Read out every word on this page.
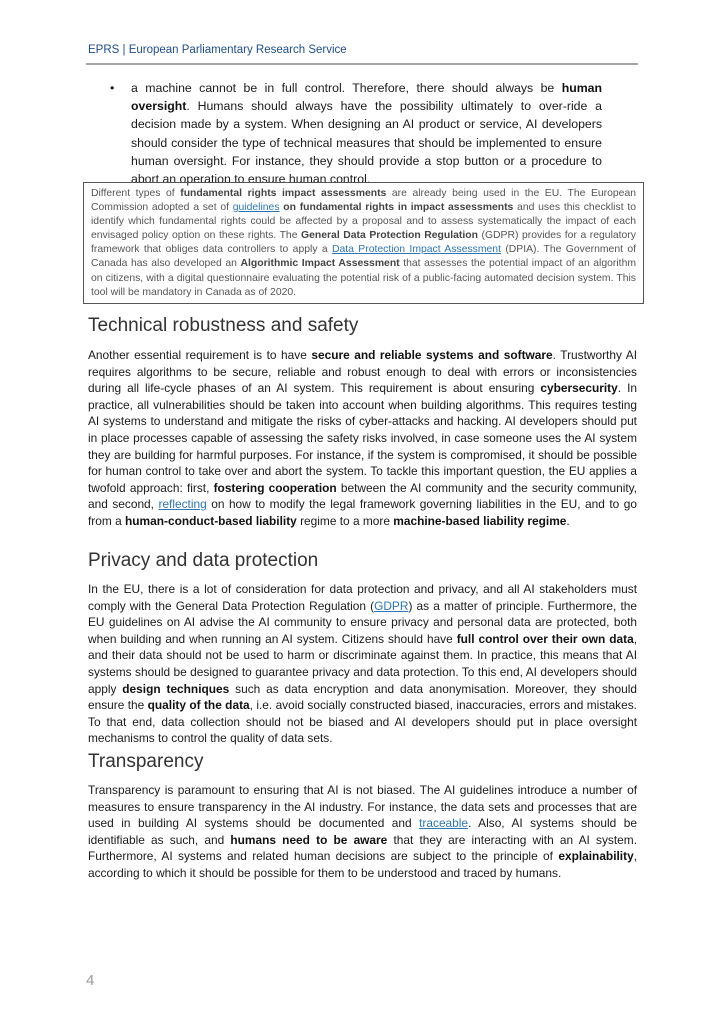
EPRS | European Parliamentary Research Service
• a machine cannot be in full control. Therefore, there should always be human oversight. Humans should always have the possibility ultimately to over-ride a decision made by a system. When designing an AI product or service, AI developers should consider the type of technical measures that should be implemented to ensure human oversight. For instance, they should provide a stop button or a procedure to abort an operation to ensure human control.
Different types of fundamental rights impact assessments are already being used in the EU. The European Commission adopted a set of guidelines on fundamental rights in impact assessments and uses this checklist to identify which fundamental rights could be affected by a proposal and to assess systematically the impact of each envisaged policy option on these rights. The General Data Protection Regulation (GDPR) provides for a regulatory framework that obliges data controllers to apply a Data Protection Impact Assessment (DPIA). The Government of Canada has also developed an Algorithmic Impact Assessment that assesses the potential impact of an algorithm on citizens, with a digital questionnaire evaluating the potential risk of a public-facing automated decision system. This tool will be mandatory in Canada as of 2020.
Technical robustness and safety

Another essential requirement is to have secure and reliable systems and software. Trustworthy AI requires algorithms to be secure, reliable and robust enough to deal with errors or inconsistencies during all life-cycle phases of an AI system. This requirement is about ensuring cybersecurity. In practice, all vulnerabilities should be taken into account when building algorithms. This requires testing AI systems to understand and mitigate the risks of cyber-attacks and hacking. AI developers should put in place processes capable of assessing the safety risks involved, in case someone uses the AI system they are building for harmful purposes. For instance, if the system is compromised, it should be possible for human control to take over and abort the system. To tackle this important question, the EU applies a twofold approach: first, fostering cooperation between the AI community and the security community, and second, reflecting on how to modify the legal framework governing liabilities in the EU, and to go from a human-conduct-based liability regime to a more machine-based liability regime.

Privacy and data protection

In the EU, there is a lot of consideration for data protection and privacy, and all AI stakeholders must comply with the General Data Protection Regulation (GDPR) as a matter of principle. Furthermore, the EU guidelines on AI advise the AI community to ensure privacy and personal data are protected, both when building and when running an AI system. Citizens should have full control over their own data, and their data should not be used to harm or discriminate against them. In practice, this means that AI systems should be designed to guarantee privacy and data protection. To this end, AI developers should apply design techniques such as data encryption and data anonymisation. Moreover, they should ensure the quality of the data, i.e. avoid socially constructed biased, inaccuracies, errors and mistakes. To that end, data collection should not be biased and AI developers should put in place oversight mechanisms to control the quality of data sets.

Transparency

Transparency is paramount to ensuring that AI is not biased. The AI guidelines introduce a number of measures to ensure transparency in the AI industry. For instance, the data sets and processes that are used in building AI systems should be documented and traceable. Also, AI systems should be identifiable as such, and humans need to be aware that they are interacting with an AI system. Furthermore, AI systems and related human decisions are subject to the principle of explainability, according to which it should be possible for them to be understood and traced by humans.

4
